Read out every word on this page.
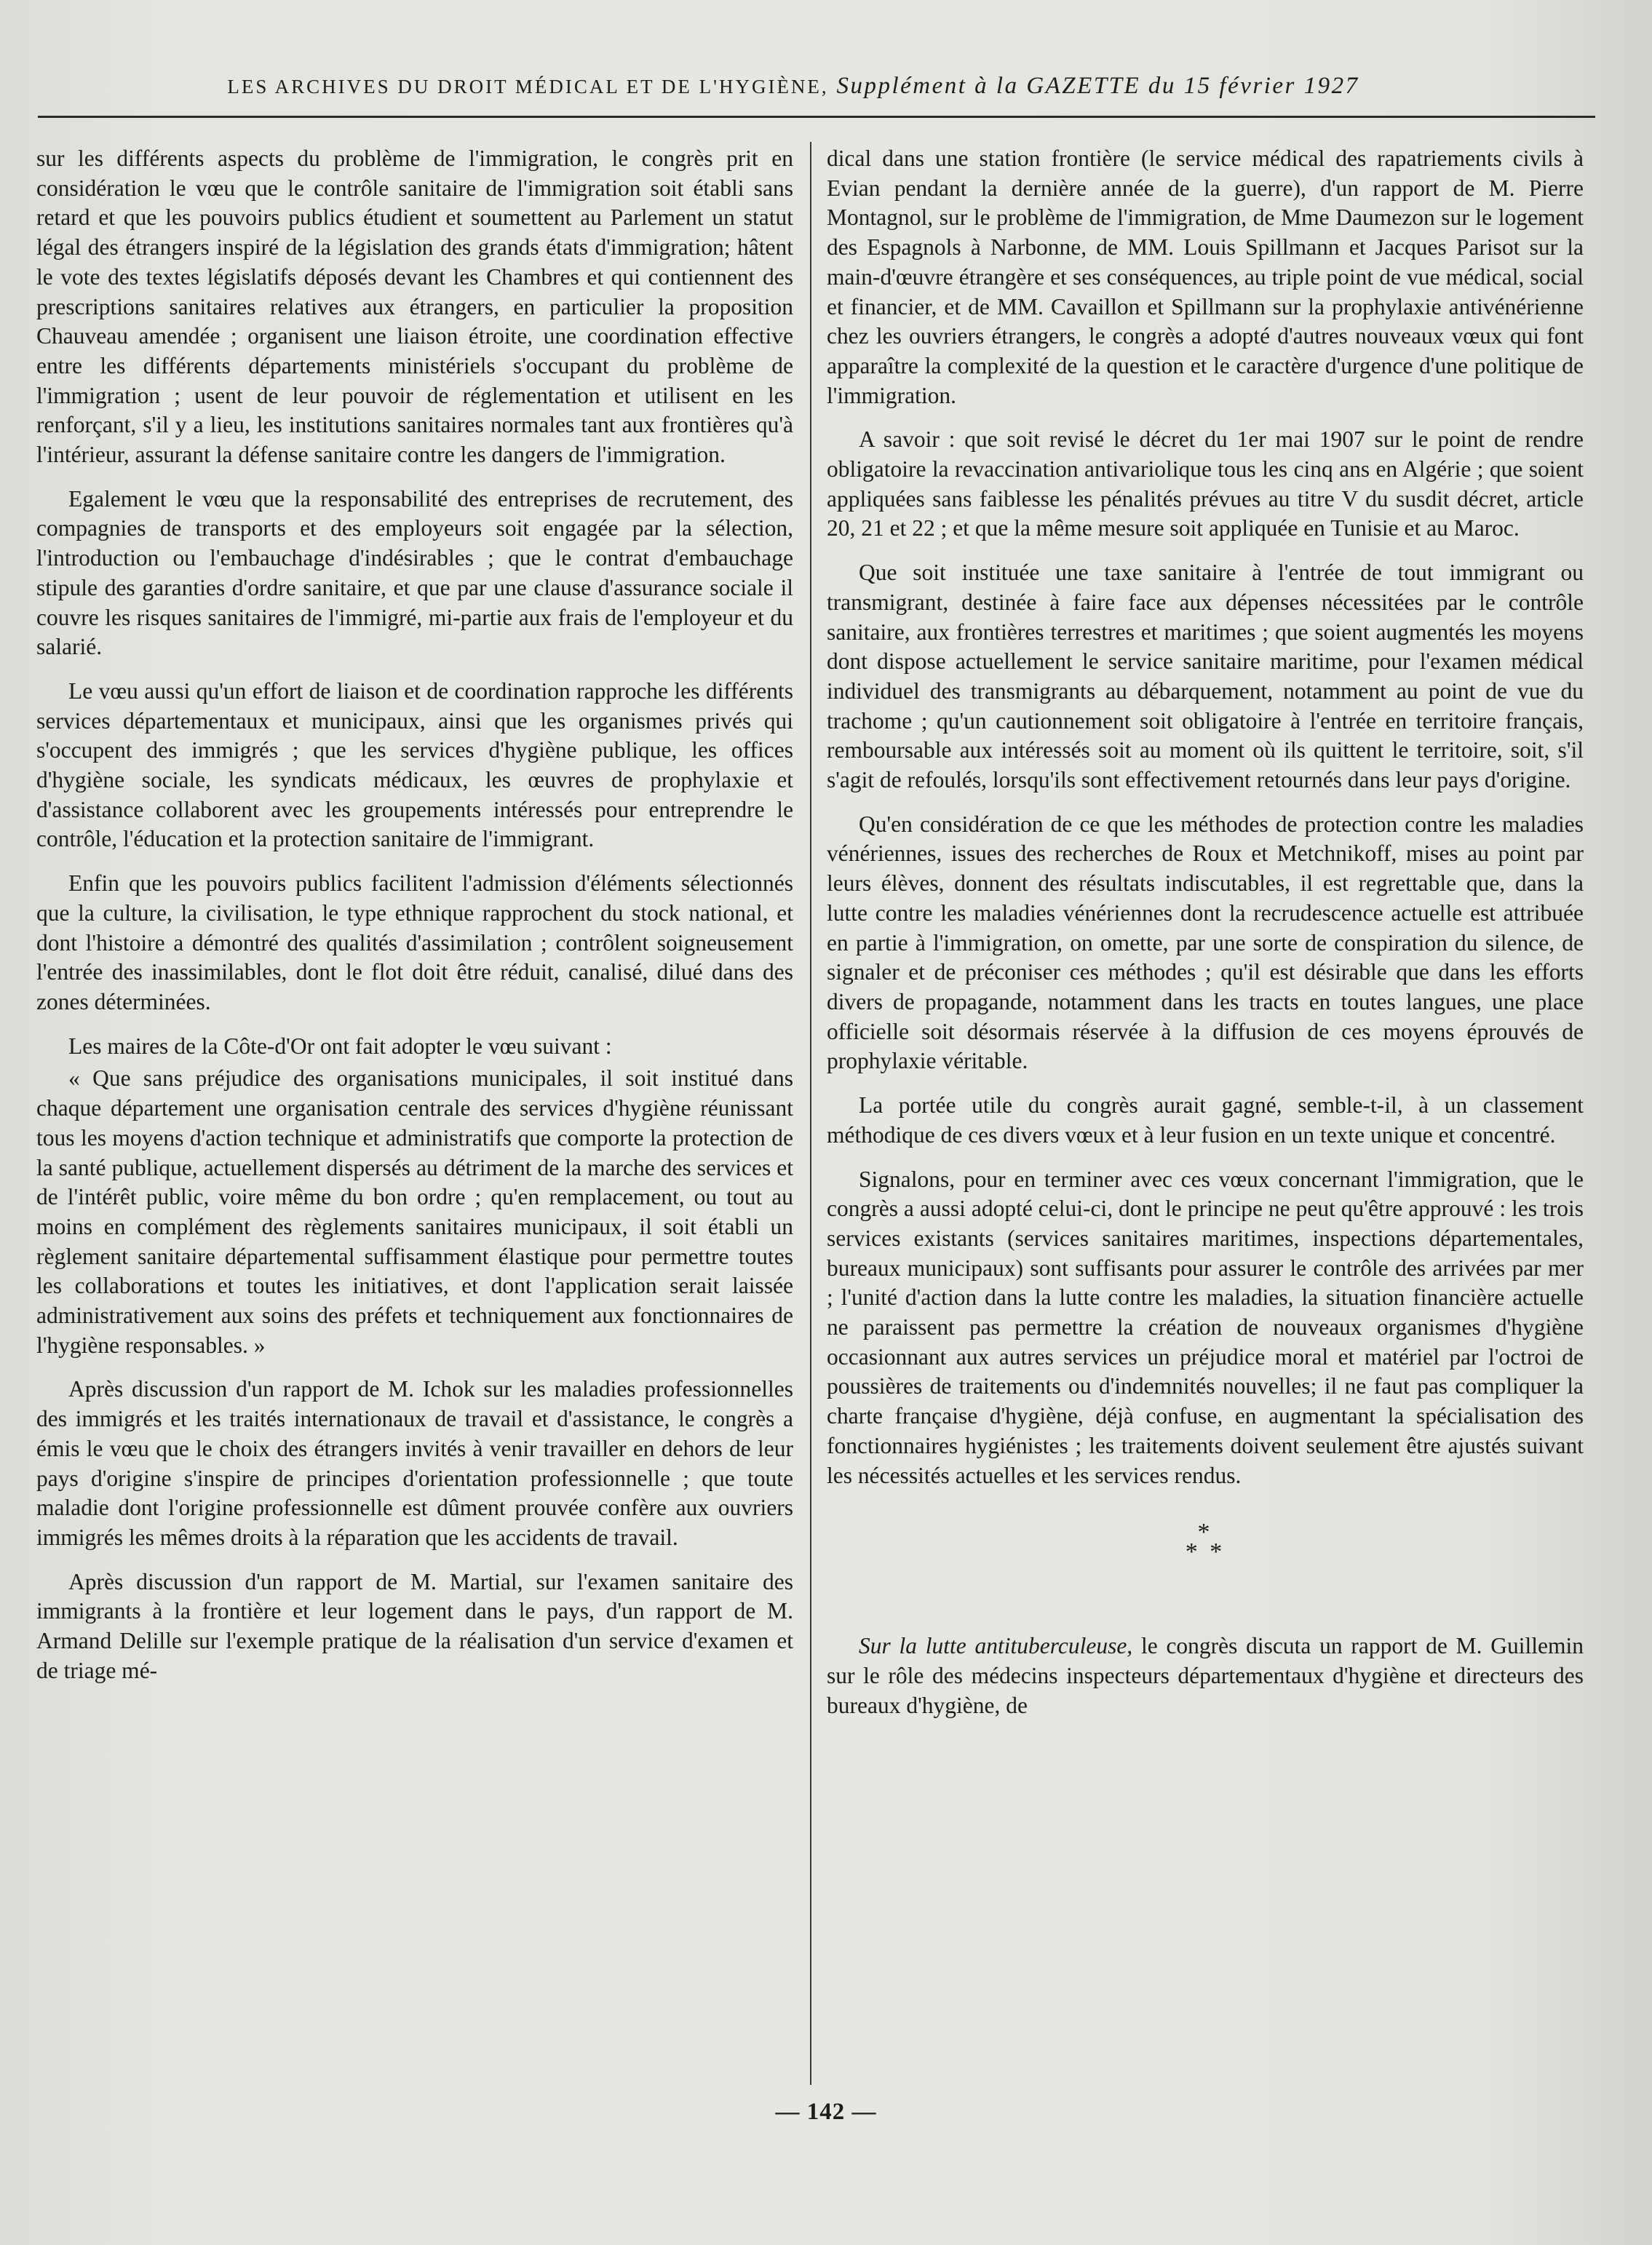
LES ARCHIVES DU DROIT MÉDICAL ET DE L'HYGIÈNE, Supplément à la GAZETTE du 15 février 1927

sur les différents aspects du problème de l'immigration, le congrès prit en considération le vœu que le contrôle sanitaire de l'immigration soit établi sans retard et que les pouvoirs publics étudient et soumettent au Parlement un statut légal des étrangers inspiré de la législation des grands états d'immigration; hâtent le vote des textes législatifs déposés devant les Chambres et qui contiennent des prescriptions sanitaires relatives aux étrangers, en particulier la proposition Chauveau amendée ; organisent une liaison étroite, une coordination effective entre les différents départements ministériels s'occupant du problème de l'immigration ; usent de leur pouvoir de réglementation et utilisent en les renforçant, s'il y a lieu, les institutions sanitaires normales tant aux frontières qu'à l'intérieur, assurant la défense sanitaire contre les dangers de l'immigration.

Egalement le vœu que la responsabilité des entreprises de recrutement, des compagnies de transports et des employeurs soit engagée par la sélection, l'introduction ou l'embauchage d'indésirables ; que le contrat d'embauchage stipule des garanties d'ordre sanitaire, et que par une clause d'assurance sociale il couvre les risques sanitaires de l'immigré, mi-partie aux frais de l'employeur et du salarié.

Le vœu aussi qu'un effort de liaison et de coordination rapproche les différents services départementaux et municipaux, ainsi que les organismes privés qui s'occupent des immigrés ; que les services d'hygiène publique, les offices d'hygiène sociale, les syndicats médicaux, les œuvres de prophylaxie et d'assistance collaborent avec les groupements intéressés pour entreprendre le contrôle, l'éducation et la protection sanitaire de l'immigrant.

Enfin que les pouvoirs publics facilitent l'admission d'éléments sélectionnés que la culture, la civilisation, le type ethnique rapprochent du stock national, et dont l'histoire a démontré des qualités d'assimilation ; contrôlent soigneusement l'entrée des inassimilables, dont le flot doit être réduit, canalisé, dilué dans des zones déterminées.

Les maires de la Côte-d'Or ont fait adopter le vœu suivant :

« Que sans préjudice des organisations municipales, il soit institué dans chaque département une organisation centrale des services d'hygiène réunissant tous les moyens d'action technique et administratifs que comporte la protection de la santé publique, actuellement dispersés au détriment de la marche des services et de l'intérêt public, voire même du bon ordre ; qu'en remplacement, ou tout au moins en complément des règlements sanitaires municipaux, il soit établi un règlement sanitaire départemental suffisamment élastique pour permettre toutes les collaborations et toutes les initiatives, et dont l'application serait laissée administrativement aux soins des préfets et techniquement aux fonctionnaires de l'hygiène responsables. »

Après discussion d'un rapport de M. Ichok sur les maladies professionnelles des immigrés et les traités internationaux de travail et d'assistance, le congrès a émis le vœu que le choix des étrangers invités à venir travailler en dehors de leur pays d'origine s'inspire de principes d'orientation professionnelle ; que toute maladie dont l'origine professionnelle est dûment prouvée confère aux ouvriers immigrés les mêmes droits à la réparation que les accidents de travail.

Après discussion d'un rapport de M. Martial, sur l'examen sanitaire des immigrants à la frontière et leur logement dans le pays, d'un rapport de M. Armand Delille sur l'exemple pratique de la réalisation d'un service d'examen et de triage mé-

dical dans une station frontière (le service médical des rapatriements civils à Evian pendant la dernière année de la guerre), d'un rapport de M. Pierre Montagnol, sur le problème de l'immigration, de Mme Daumezon sur le logement des Espagnols à Narbonne, de MM. Louis Spillmann et Jacques Parisot sur la main-d'œuvre étrangère et ses conséquences, au triple point de vue médical, social et financier, et de MM. Cavaillon et Spillmann sur la prophylaxie antivénérienne chez les ouvriers étrangers, le congrès a adopté d'autres nouveaux vœux qui font apparaître la complexité de la question et le caractère d'urgence d'une politique de l'immigration.

A savoir : que soit revisé le décret du 1er mai 1907 sur le point de rendre obligatoire la revaccination antivariolique tous les cinq ans en Algérie ; que soient appliquées sans faiblesse les pénalités prévues au titre V du susdit décret, article 20, 21 et 22 ; et que la même mesure soit appliquée en Tunisie et au Maroc.

Que soit instituée une taxe sanitaire à l'entrée de tout immigrant ou transmigrant, destinée à faire face aux dépenses nécessitées par le contrôle sanitaire, aux frontières terrestres et maritimes ; que soient augmentés les moyens dont dispose actuellement le service sanitaire maritime, pour l'examen médical individuel des transmigrants au débarquement, notamment au point de vue du trachome ; qu'un cautionnement soit obligatoire à l'entrée en territoire français, remboursable aux intéressés soit au moment où ils quittent le territoire, soit, s'il s'agit de refoulés, lorsqu'ils sont effectivement retournés dans leur pays d'origine.

Qu'en considération de ce que les méthodes de protection contre les maladies vénériennes, issues des recherches de Roux et Metchnikoff, mises au point par leurs élèves, donnent des résultats indiscutables, il est regrettable que, dans la lutte contre les maladies vénériennes dont la recrudescence actuelle est attribuée en partie à l'immigration, on omette, par une sorte de conspiration du silence, de signaler et de préconiser ces méthodes ; qu'il est désirable que dans les efforts divers de propagande, notamment dans les tracts en toutes langues, une place officielle soit désormais réservée à la diffusion de ces moyens éprouvés de prophylaxie véritable.

La portée utile du congrès aurait gagné, semble-t-il, à un classement méthodique de ces divers vœux et à leur fusion en un texte unique et concentré.

Signalons, pour en terminer avec ces vœux concernant l'immigration, que le congrès a aussi adopté celui-ci, dont le principe ne peut qu'être approuvé : les trois services existants (services sanitaires maritimes, inspections départementales, bureaux municipaux) sont suffisants pour assurer le contrôle des arrivées par mer ; l'unité d'action dans la lutte contre les maladies, la situation financière actuelle ne paraissent pas permettre la création de nouveaux organismes d'hygiène occasionnant aux autres services un préjudice moral et matériel par l'octroi de poussières de traitements ou d'indemnités nouvelles; il ne faut pas compliquer la charte française d'hygiène, déjà confuse, en augmentant la spécialisation des fonctionnaires hygiénistes ; les traitements doivent seulement être ajustés suivant les nécessités actuelles et les services rendus.

*
* *

Sur la lutte antituberculeuse, le congrès discuta un rapport de M. Guillemin sur le rôle des médecins inspecteurs départementaux d'hygiène et directeurs des bureaux d'hygiène, de

— 142 —
